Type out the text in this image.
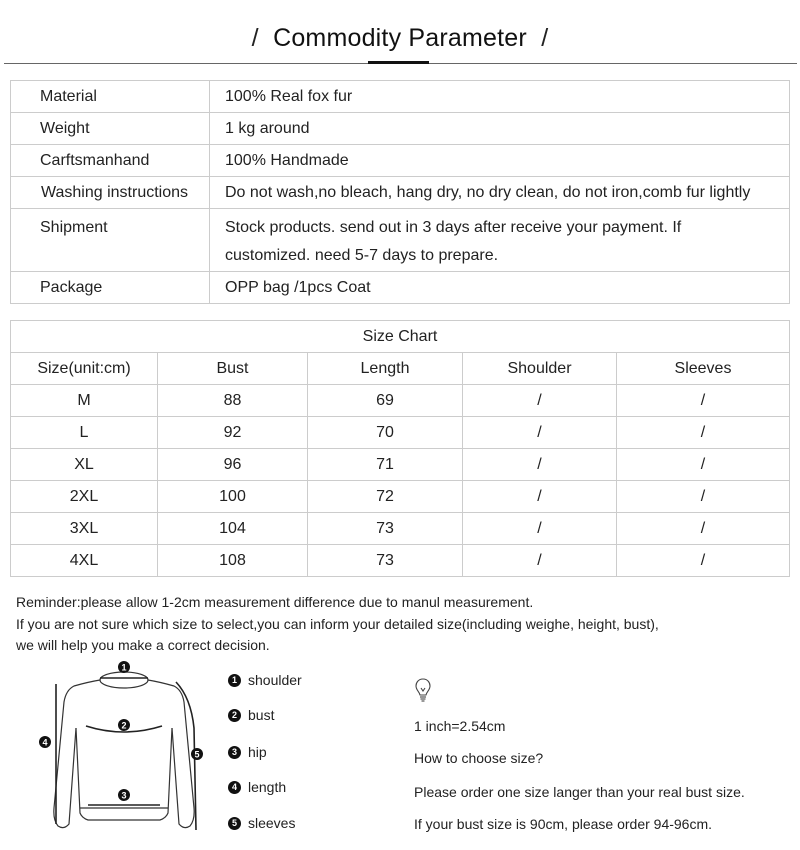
/ Commodity Parameter /
Material	100% Real fox fur
Weight	1 kg around
Carftsmanhand	100% Handmade
Washing instructions	Do not wash,no bleach, hang dry, no dry clean, do not iron,comb fur lightly
Shipment	Stock products. send out in 3 days after receive your payment. If customized. need 5-7 days to prepare.
Package	OPP bag /1pcs Coat
Size Chart				
Size(unit:cm)	Bust	Length	Shoulder	Sleeves
M	88	69	/	/
L	92	70	/	/
XL	96	71	/	/
2XL	100	72	/	/
3XL	104	73	/	/
4XL	108	73	/	/
Reminder:please allow 1-2cm measurement difference due to manul measurement.
If you are not sure which size to select,you can inform your detailed size(including weighe, height, bust),
we will help you make a correct decision.
1
2
3
4
5
1 shoulder
2 bust
3 hip
4 length
5 sleeves
1 inch=2.54cm
How to choose size?
Please order one size langer than your real bust size.
If your bust size is 90cm, please order 94-96cm.
